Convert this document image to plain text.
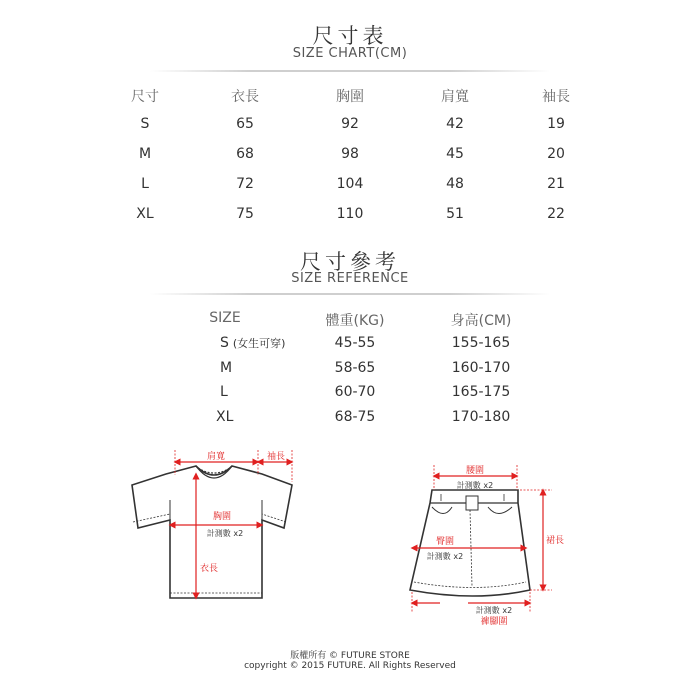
尺寸表
SIZE CHART(CM)
尺寸	衣長	胸圍	肩寬	袖長
S	65	92	42	19
M	68	98	45	20
L	72	104	48	21
XL	75	110	51	22
尺寸參考
SIZE REFERENCE
SIZE	體重(KG)	身高(CM)
S (女生可穿)	45-55	155-165
M	58-65	160-170
L	60-70	165-175
XL	68-75	170-180
肩寬	袖長
胸圍
計測數 x2
衣長
腰圍
計測數 x2
臀圍
計測數 x2
裙長
計測數 x2
褲腳圍
版權所有 © FUTURE STORE
copyright © 2015 FUTURE. All Rights Reserved
